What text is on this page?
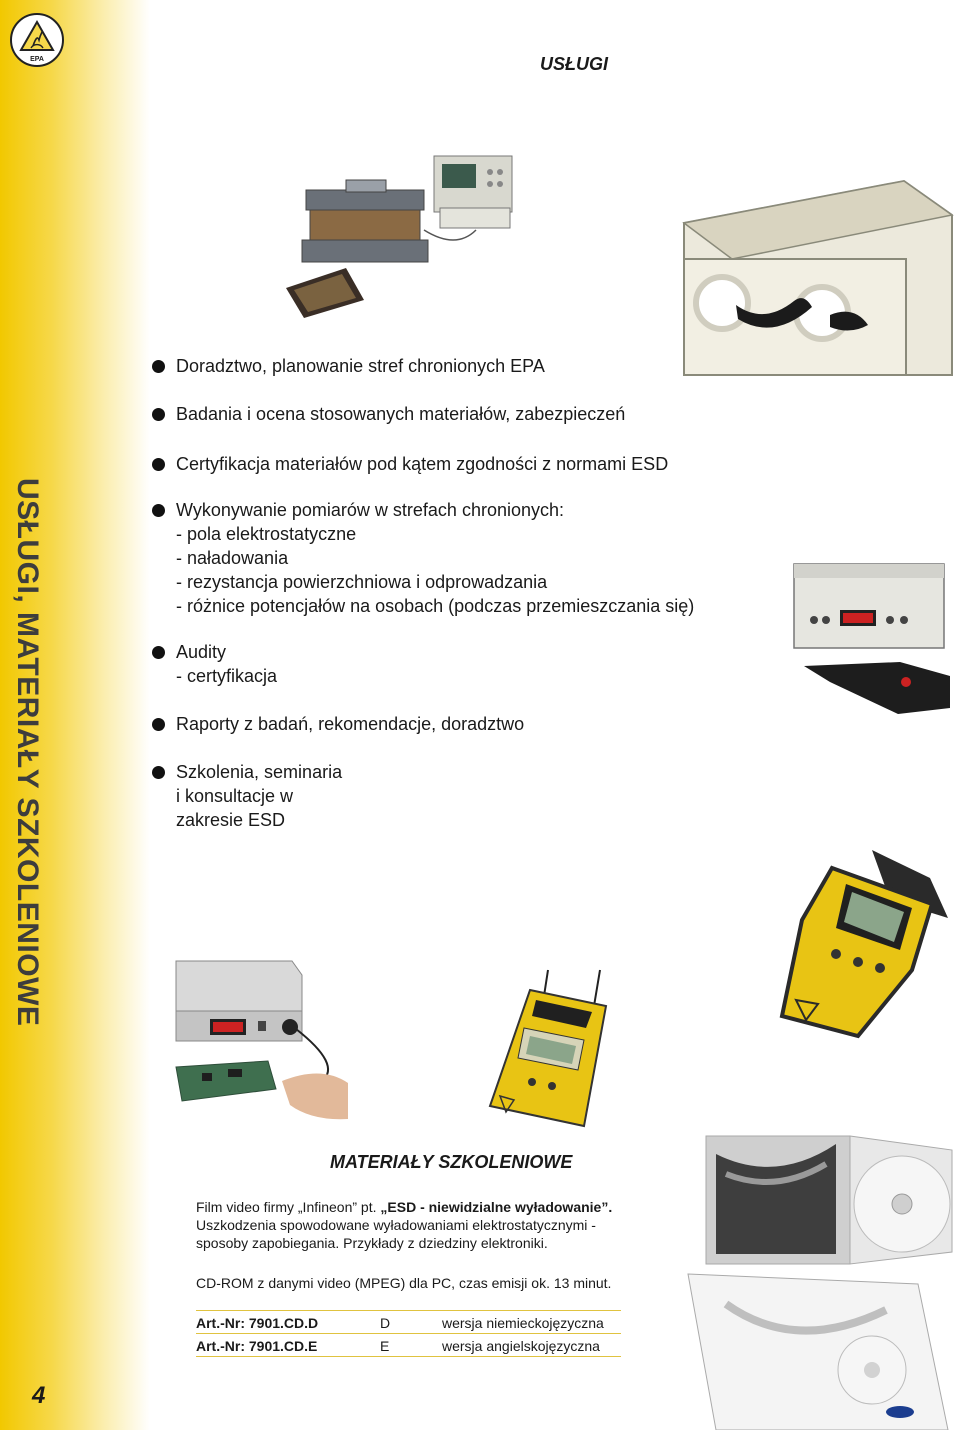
EPA
USŁUGI, MATERIAŁY SZKOLENIOWE
4
USŁUGI
Doradztwo, planowanie stref chronionych EPA
Badania i ocena stosowanych materiałów, zabezpieczeń
Certyfikacja materiałów pod kątem zgodności z normami ESD
Wykonywanie pomiarów w strefach chronionych:
- pola elektrostatyczne
- naładowania
- rezystancja powierzchniowa i odprowadzania
- różnice potencjałów na osobach (podczas przemieszczania się)
Audity
- certyfikacja
Raporty z badań, rekomendacje, doradztwo
Szkolenia, seminaria
i konsultacje w
zakresie ESD
MATERIAŁY SZKOLENIOWE
Film video firmy „Infineon” pt. „ESD - niewidzialne wyładowanie”.
Uszkodzenia spowodowane wyładowaniami elektrostatycznymi -
sposoby zapobiegania. Przykłady z dziedziny elektroniki.
CD-ROM z danymi video (MPEG) dla PC, czas emisji ok. 13 minut.
Art.-Nr: 7901.CD.D	D	wersja niemieckojęzyczna
Art.-Nr: 7901.CD.E	E	wersja angielskojęzyczna
